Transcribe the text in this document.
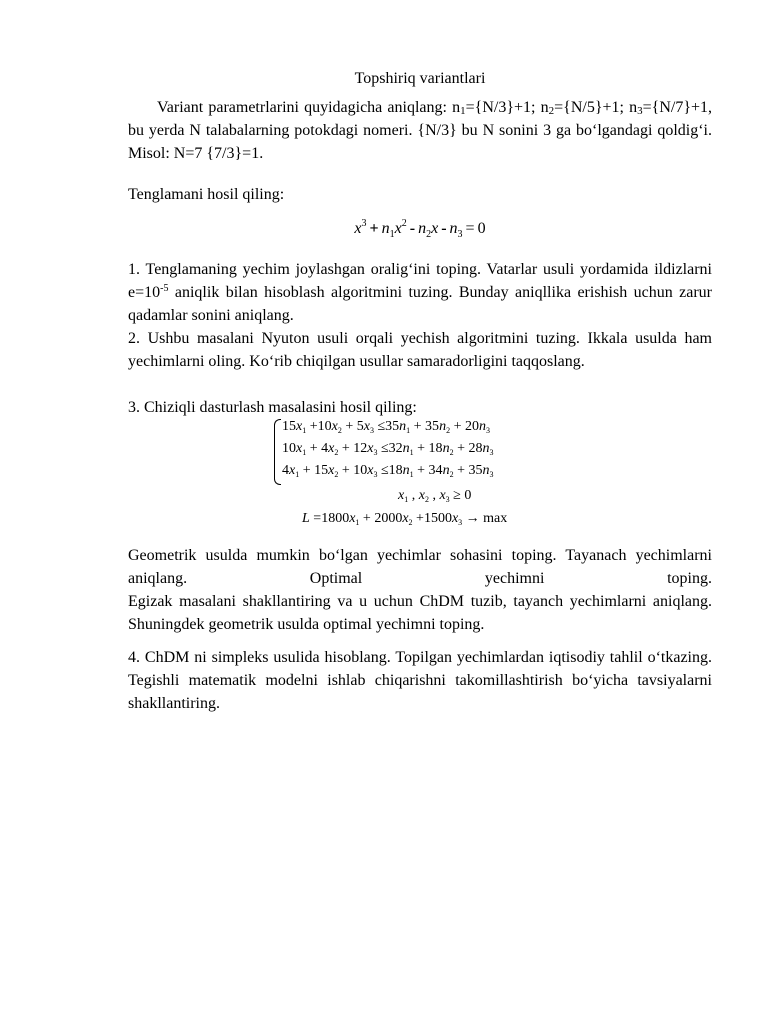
Topshiriq variantlari
Variant parametrlarini quyidagicha aniqlang: $n_1=\{N/3\}+1$; $n_2=\{N/5\}+1$; $n_3=\{N/7\}+1$, bu yerda N talabalarning potokdagi nomeri. {N/3} bu N sonini 3 ga bo‘lgandagi qoldig‘i. Misol: N=7 {7/3}=1.
Tenglamani hosil qiling:
$x^3 + n_1x^2 - n_2x - n_3 = 0$
1. Tenglamaning yechim joylashgan oralig‘ini toping. Vatarlar usuli yordamida ildizlarni $e=10^{-5}$ aniqlik bilan hisoblash algoritmini tuzing. Bunday aniqllika erishish uchun zarur qadamlar sonini aniqlang.
2. Ushbu masalani Nyuton usuli orqali yechish algoritmini tuzing. Ikkala usulda ham yechimlarni oling. Ko‘rib chiqilgan usullar samaradorligini taqqoslang.
3. Chiziqli dasturlash masalasini hosil qiling:
$15x_1 +10x_2 + 5x_3 \le 35n_1 + 35n_2 + 20n_3$
$10x_1 + 4x_2 + 12x_3 \le 32n_1 + 18n_2 + 28n_3$
$4x_1 + 15x_2 + 10x_3 \le 18n_1 + 34n_2 + 35n_3$
$x_1$ , $x_2$ , $x_3 \ge 0$
$L =1800x_1 + 2000x_2 +1500x_3 \to \max$
Geometrik usulda mumkin bo‘lgan yechimlar sohasini toping. Tayanach yechimlarni aniqlang. Optimal yechimni toping.
Egizak masalani shakllantiring va u uchun ChDM tuzib, tayanch yechimlarni aniqlang. Shuningdek geometrik usulda optimal yechimni toping.
4. ChDM ni simpleks usulida hisoblang. Topilgan yechimlardan iqtisodiy tahlil o‘tkazing. Tegishli matematik modelni ishlab chiqarishni takomillashtirish bo‘yicha tavsiyalarni shakllantiring.
